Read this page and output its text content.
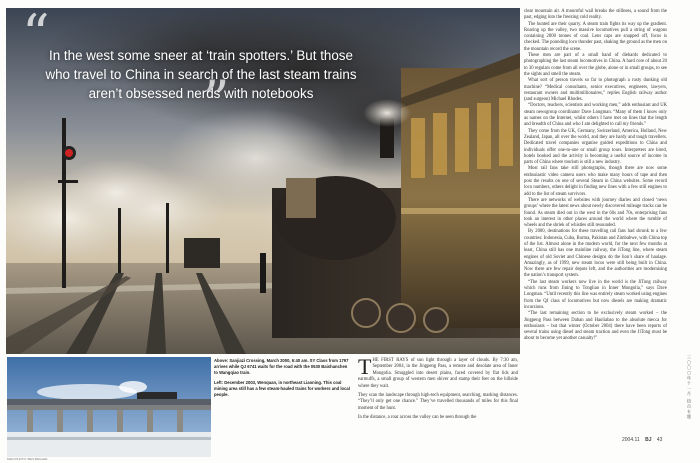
“
”
In the west some sneer at ‘train spotters.’ But those who travel to China in search of the last steam trains aren’t obsessed nerds with notebooks
MAIN PHOTO: BEN ZIEGLER
Above: Sanjiazi Crossing, March 2000, 6:40 am. SY Class from 1797 arrives while QJ 6741 waits for the road with the 0530 Baishanchen to Wangqiao train.
Left: December 2003, Wenquan, in northeast Liaoning. This coal mining area still has a few steam-hauled trains for workers and local people.
T HE FIRST RAYS of sun light through a layer of clouds. By 7:30 am, September 2004, in the Jingpeng Pass, a remote and desolate area of Inner Mongolia. Smuggled into desert plains, faced covered by flat lids and earmuffs, a small group of western men shiver and stamp their feet on the hillside where they wait.
They scan the landscape through high-tech equipment, searching, marking distances. “They’ll only get one chance.” They’ve travelled thousands of miles for this final moment of the hunt.
In the distance, a roar across the valley can be seen through the

clear mountain air. A mournful wail breaks the stillness, a sound from the past, edging into the freezing cold reality.

The hunted are their quarry. A steam train fights its way up the gradient. Roaring up the valley, two massive locomotives pull a string of wagons containing 2000 tonnes of coal. Lens caps are snapped off, focus is checked. The pounding loco thunder past, shaking the ground as the men on the mountain record the scene.

These men are part of a small band of diehards dedicated to photographing the last steam locomotives in China. A hard core of about 20 to 30 regulars come from all over the globe, alone or in small groups, to see the sights and smell the steam.

What sort of person travels so far to photograph a rusty dunking old machine? “Medical consultants, senior executives, engineers, lawyers, restaurant owners and multimillionaires,” replies English railway author (and surgeon) Michael Rhodes.

“Doctors, teachers, scientists and working men,” adds enthusiast and UK steam newsgroup coordinator Dave Longman. “Many of them I know only as names on the Internet, whilst others I have met on lines that the length and breadth of China and who I am delighted to call my friends.”

They come from the UK, Germany, Switzerland, America, Holland, New Zealand, Japan, all over the world, and they are hardy and tough travellers. Dedicated travel companies organise guided expeditions to China and individuals offer one-to-one or small group tours. Interpreters are hired, hotels booked and the activity is becoming a useful source of income in parts of China where tourism is still a new industry.

Most rail fans take still photographs, though there are now some enthusiastic video camera users who make many hours of tape and then post the results on one of several Steam in China websites. Some record loco numbers, others delight in finding new lines with a few still engines to add to the list of steam survivors.

There are networks of websites with journey diaries and closed ‘news groups’ where the latest news about newly discovered mileage tracks can be found. As steam died out in the west in the 60s and 70s, enterprising fans took an interest in other places around the world where the rumble of wheels and the shriek of whistles still resounded.

By 2000, destinations for these travelling rail fans had shrunk to a few countries: Indonesia, Cuba, Burma, Pakistan and Zimbabwe, with China top of the list. Almost alone in the modern world, for the next few months at least, China still has one mainline railway, the JiTong line, where steam engines of old Soviet and Chinese designs do the lion’s share of haulage. Amazingly, as of 1999, new steam locos were still being built in China. Now there are few repair depots left, and the authorities are modernising the nation’s transport system.

“The last steam workers now live in the world is the JiTong railway which runs from Jining to Tongliao in Inner Mongolia,” says Dave Longman. “Until recently this line was entirely steam worked using engines from the QJ class of locomotives but now diesels are making dramatic incursions.

“The last remaining section to be exclusively steam worked – the Jingpeng Pass between Daban and Haoliabao to the absolute mecca for enthusiasts – but that winter (October 2004) there have been reports of several trains using diesel and steam traction and even the JiTong must be about to become yet another casualty!”

三〇〇〇年十一月 热点专题
2004.11 BJ 43
